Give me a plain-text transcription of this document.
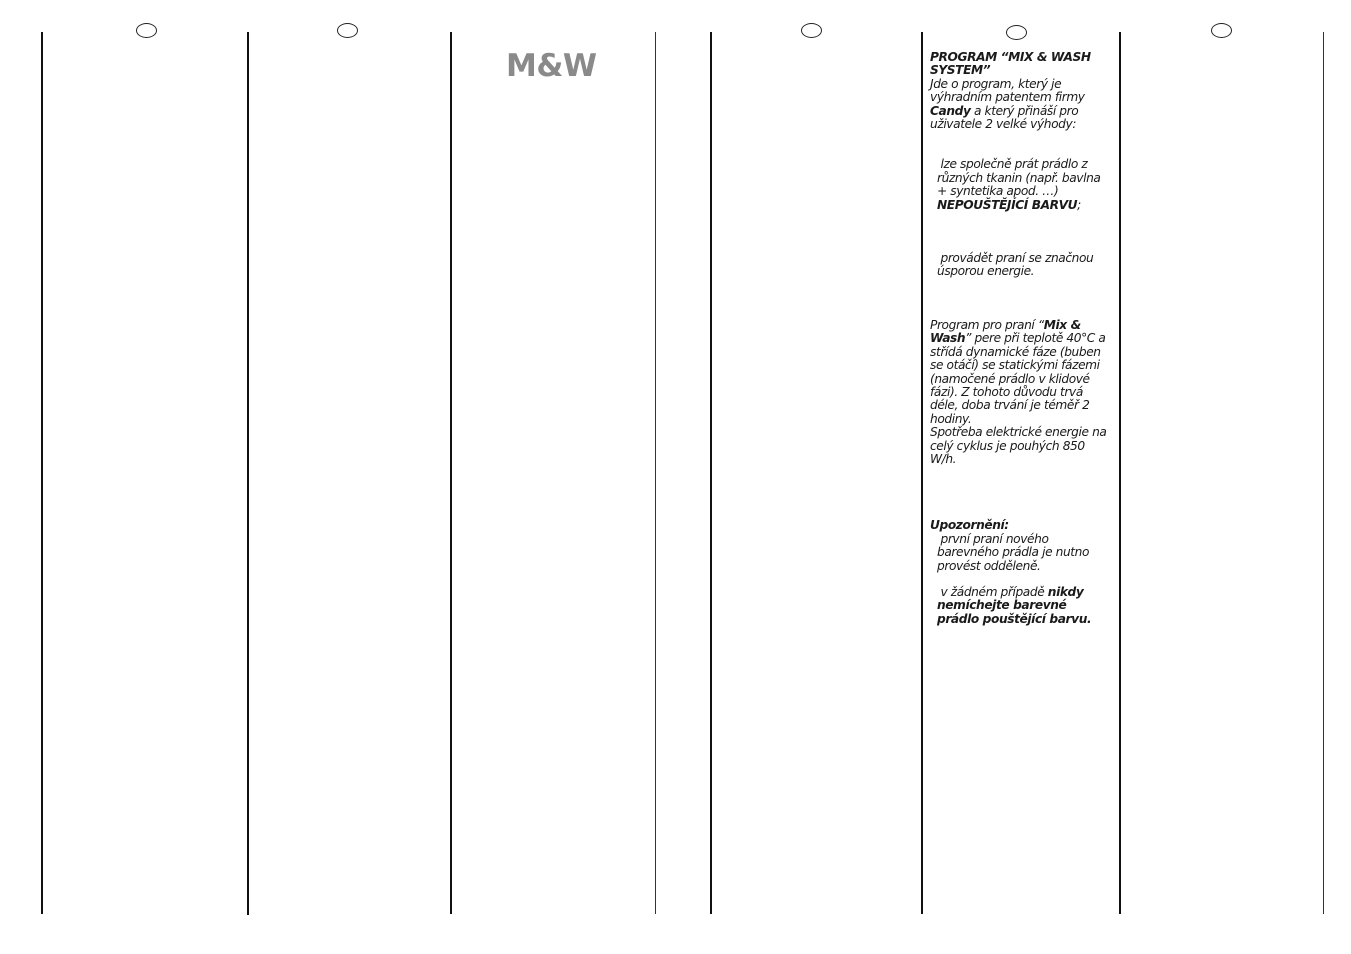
M&W	PROGRAM “MIX & WASH SYSTEM”

Jde o program, který je výhradním patentem firmy Candy a který přináší pro uživatele 2 velké výhody:

lze společně prát prádlo z různých tkanin (např. bavlna + syntetika apod. …) NEPOUŠTĚJÍCÍ BARVU;

provádět praní se značnou úsporou energie.

Program pro praní “Mix & Wash” pere při teplotě 40°C a střídá dynamické fáze (buben se otáčí) se statickými fázemi (namočené prádlo v klidové fázi). Z tohoto důvodu trvá déle, doba trvání je téměř 2 hodiny.

Spotřeba elektrické energie na celý cyklus je pouhých 850 W/h.

Upozornění:

první praní nového barevného prádla je nutno provést odděleně.

v žádném případě nikdy nemíchejte barevné prádlo pouštějící barvu.
